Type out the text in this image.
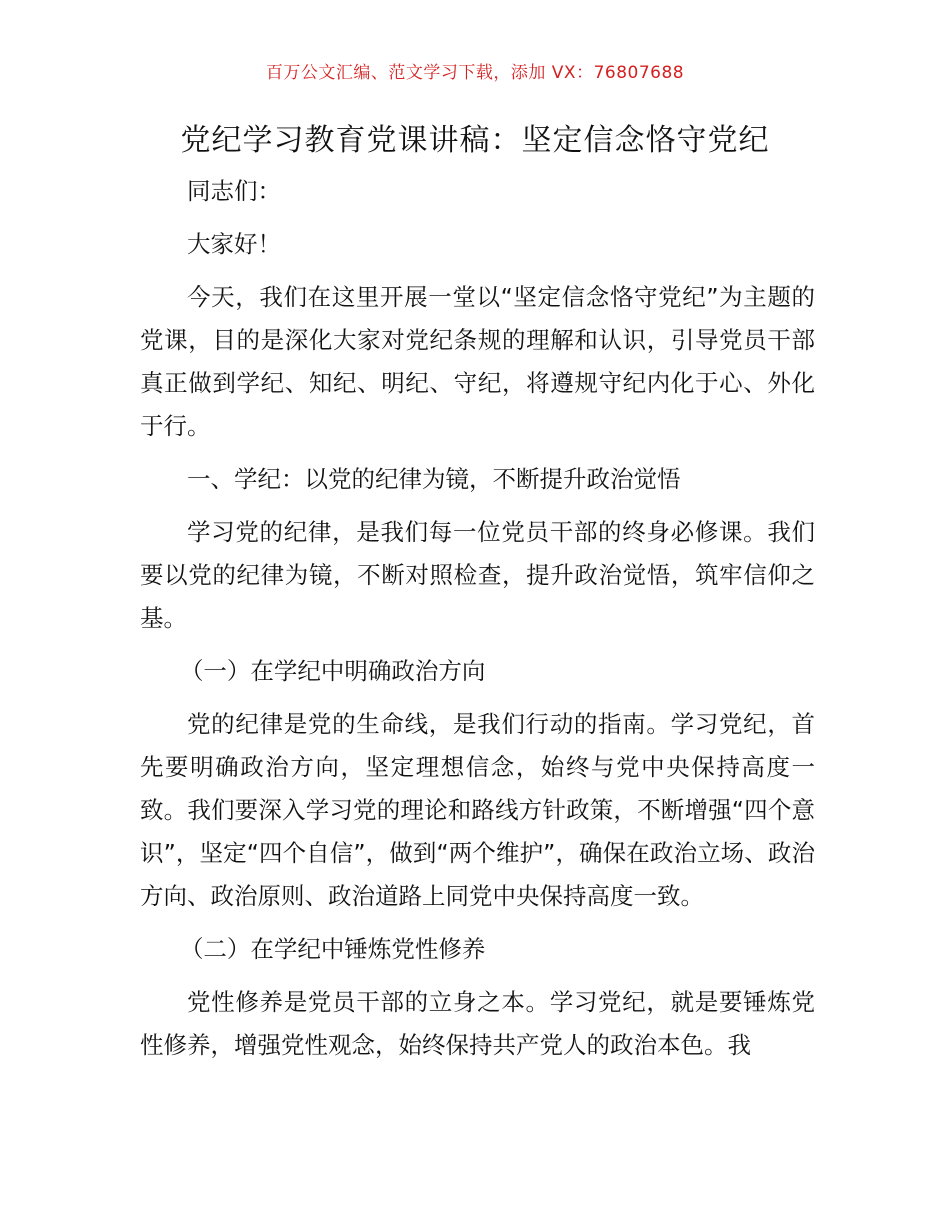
百万公文汇编、范文学习下载，添加 VX：76807688
党纪学习教育党课讲稿：坚定信念恪守党纪
同志们：
大家好！
今天，我们在这里开展一堂以“坚定信念恪守党纪”为主题的党课，目的是深化大家对党纪条规的理解和认识，引导党员干部真正做到学纪、知纪、明纪、守纪，将遵规守纪内化于心、外化于行。
一、学纪：以党的纪律为镜，不断提升政治觉悟
学习党的纪律，是我们每一位党员干部的终身必修课。我们要以党的纪律为镜，不断对照检查，提升政治觉悟，筑牢信仰之基。
（一）在学纪中明确政治方向
党的纪律是党的生命线，是我们行动的指南。学习党纪，首先要明确政治方向，坚定理想信念，始终与党中央保持高度一致。我们要深入学习党的理论和路线方针政策，不断增强“四个意识”，坚定“四个自信”，做到“两个维护”，确保在政治立场、政治方向、政治原则、政治道路上同党中央保持高度一致。
（二）在学纪中锤炼党性修养
党性修养是党员干部的立身之本。学习党纪，就是要锤炼党性修养，增强党性观念，始终保持共产党人的政治本色。我
